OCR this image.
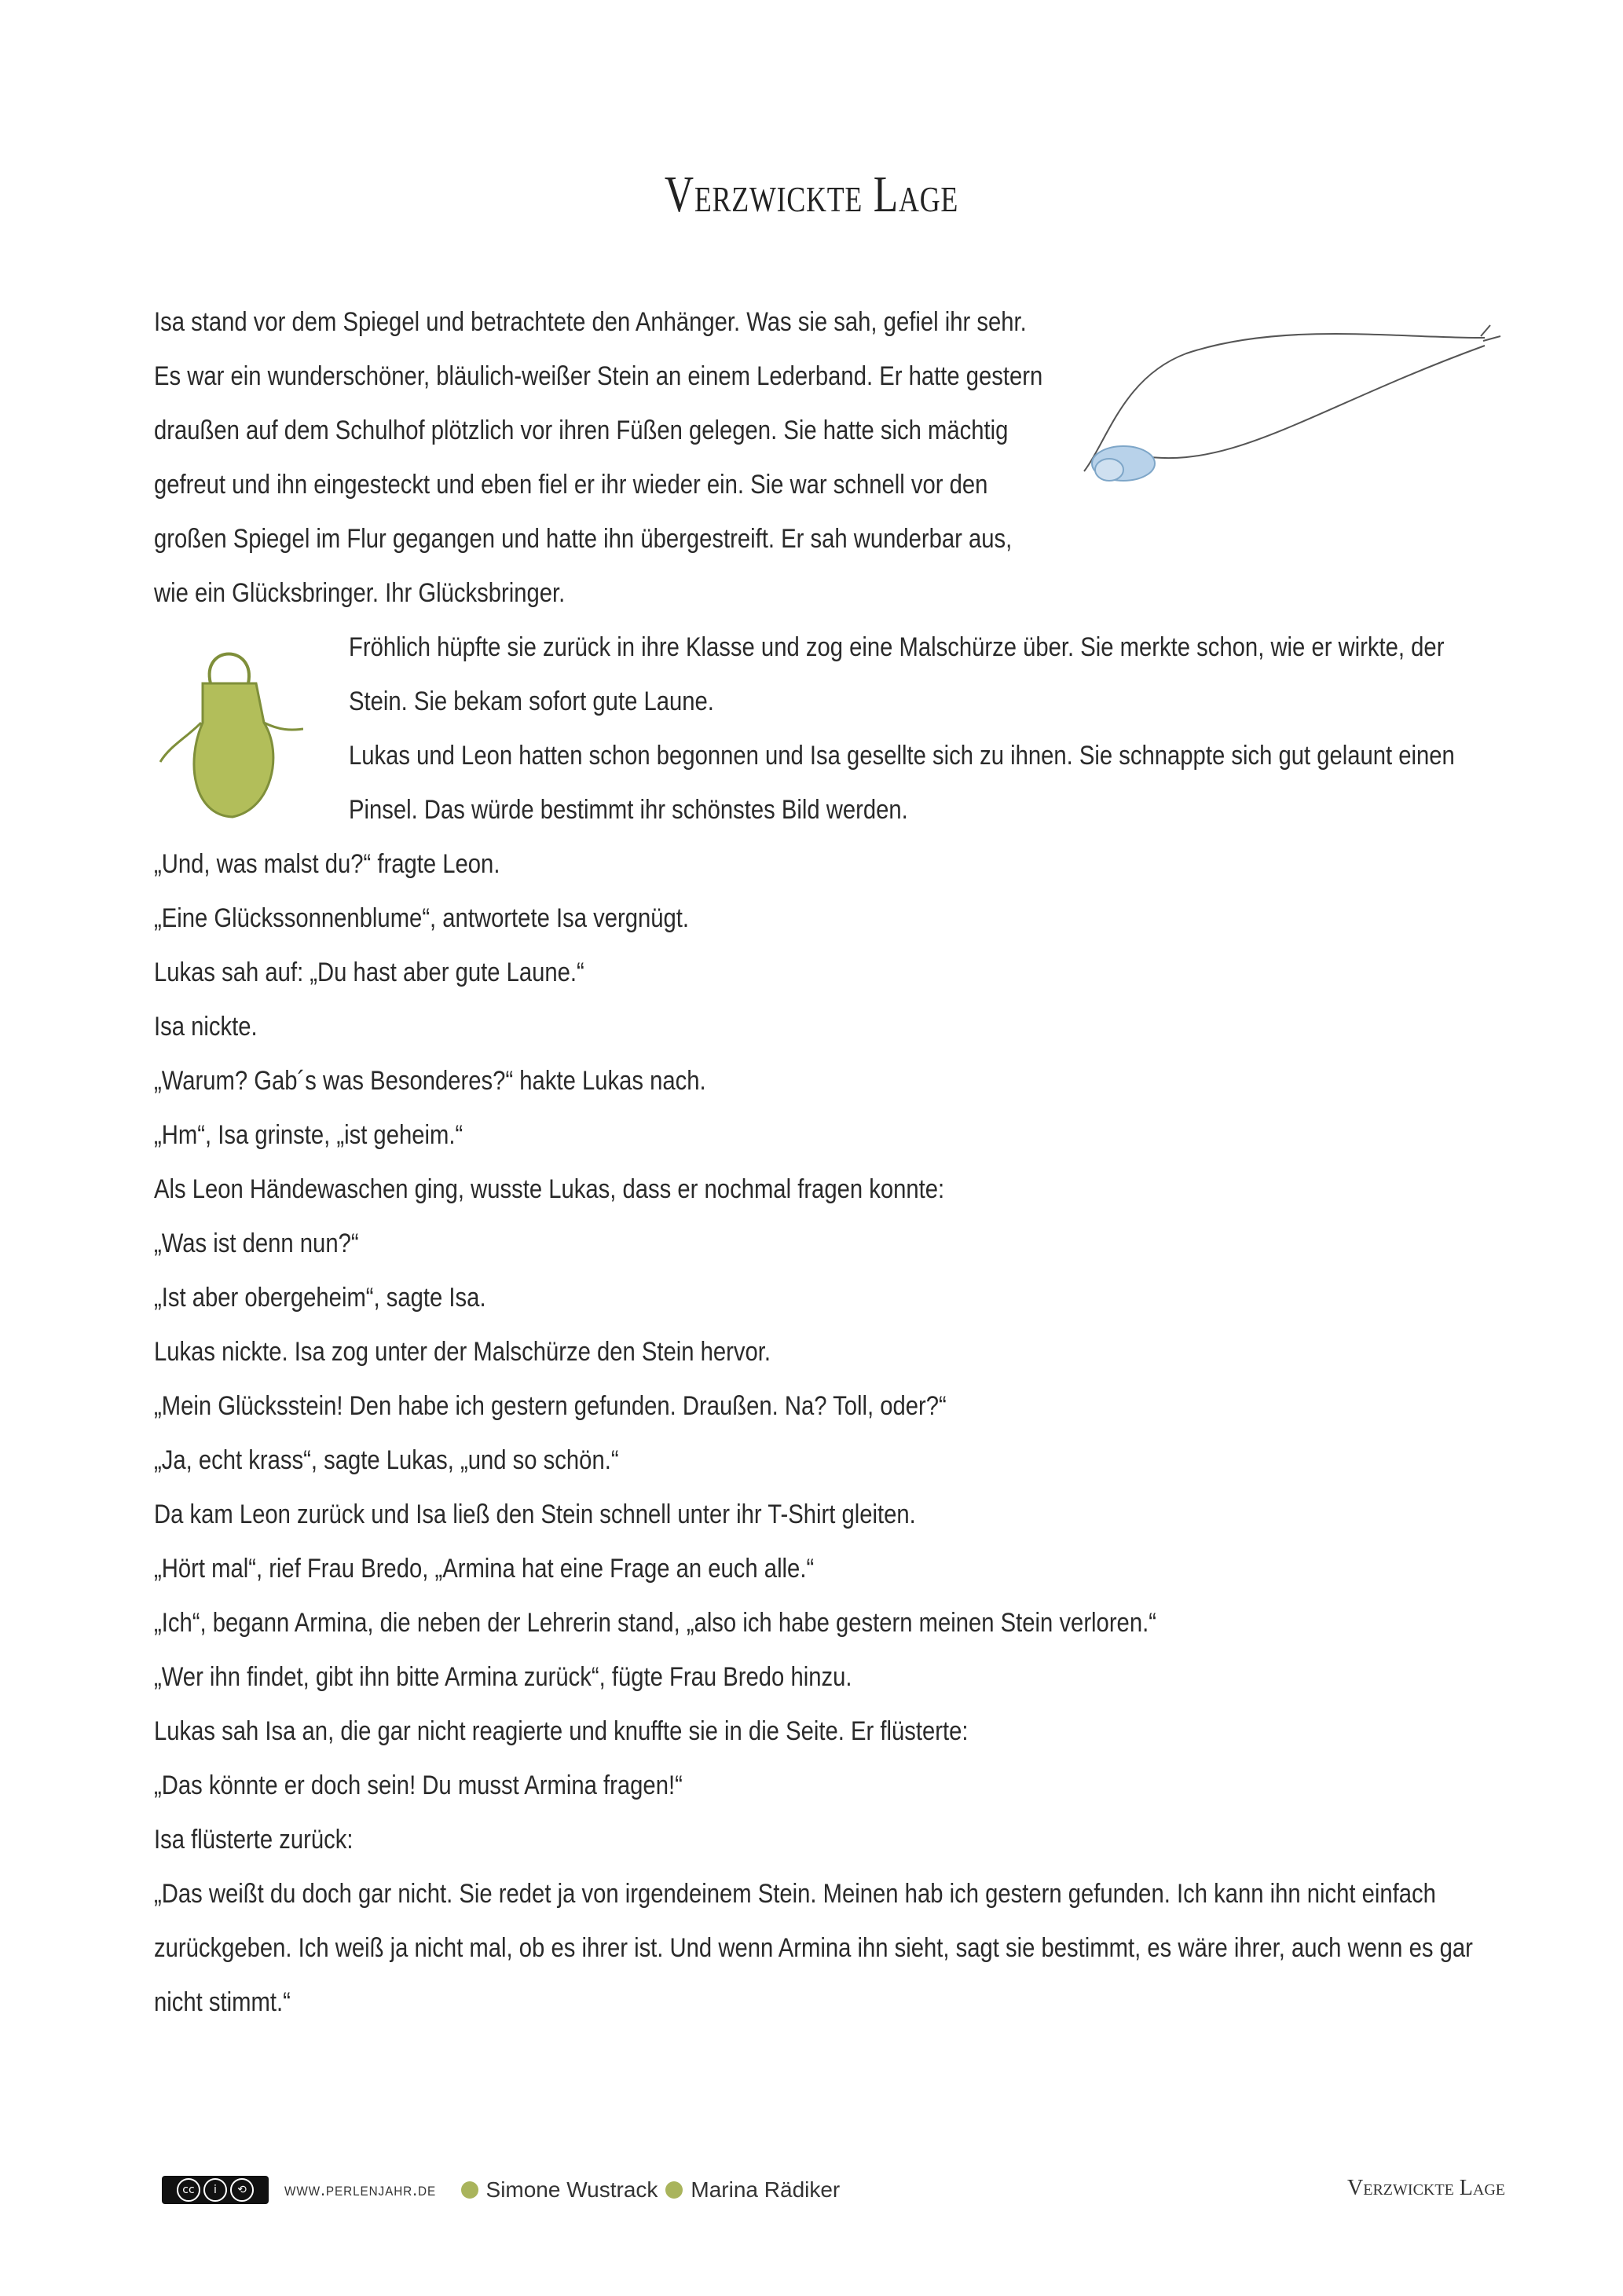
Verzwickte Lage
Isa stand vor dem Spiegel und betrachtete den Anhänger. Was sie sah, gefiel ihr sehr.
Es war ein wunderschöner, bläulich-weißer Stein an einem Lederband. Er hatte gestern
draußen auf dem Schulhof plötzlich vor ihren Füßen gelegen. Sie hatte sich mächtig
gefreut und ihn eingesteckt und eben fiel er ihr wieder ein. Sie war schnell vor den
großen Spiegel im Flur gegangen und hatte ihn übergestreift. Er sah wunderbar aus,
wie ein Glücksbringer. Ihr Glücksbringer.
Fröhlich hüpfte sie zurück in ihre Klasse und zog eine Malschürze über. Sie merkte schon, wie er wirkte, der
Stein. Sie bekam sofort gute Laune.
Lukas und Leon hatten schon begonnen und Isa gesellte sich zu ihnen. Sie schnappte sich gut gelaunt einen
Pinsel. Das würde bestimmt ihr schönstes Bild werden.
„Und, was malst du?“ fragte Leon.
„Eine Glückssonnenblume“, antwortete Isa vergnügt.
Lukas sah auf: „Du hast aber gute Laune.“
Isa nickte.
„Warum? Gab´s was Besonderes?“ hakte Lukas nach.
„Hm“, Isa grinste, „ist geheim.“
Als Leon Händewaschen ging, wusste Lukas, dass er nochmal fragen konnte:
„Was ist denn nun?“
„Ist aber obergeheim“, sagte Isa.
Lukas nickte. Isa zog unter der Malschürze den Stein hervor.
„Mein Glücksstein! Den habe ich gestern gefunden. Draußen. Na? Toll, oder?“
„Ja, echt krass“, sagte Lukas, „und so schön.“
Da kam Leon zurück und Isa ließ den Stein schnell unter ihr T-Shirt gleiten.
„Hört mal“, rief Frau Bredo, „Armina hat eine Frage an euch alle.“
„Ich“, begann Armina, die neben der Lehrerin stand, „also ich habe gestern meinen Stein verloren.“
„Wer ihn findet, gibt ihn bitte Armina zurück“, fügte Frau Bredo hinzu.
Lukas sah Isa an, die gar nicht reagierte und knuffte sie in die Seite. Er flüsterte:
„Das könnte er doch sein! Du musst Armina fragen!“
Isa flüsterte zurück:
„Das weißt du doch gar nicht. Sie redet ja von irgendeinem Stein. Meinen hab ich gestern gefunden. Ich kann ihn nicht einfach
zurückgeben. Ich weiß ja nicht mal, ob es ihrer ist. Und wenn Armina ihn sieht, sagt sie bestimmt, es wäre ihrer, auch wenn es gar
nicht stimmt.“
cc	i	⟲	www.perlenjahr.de Simone Wustrack Marina Rädiker	Verzwickte Lage
